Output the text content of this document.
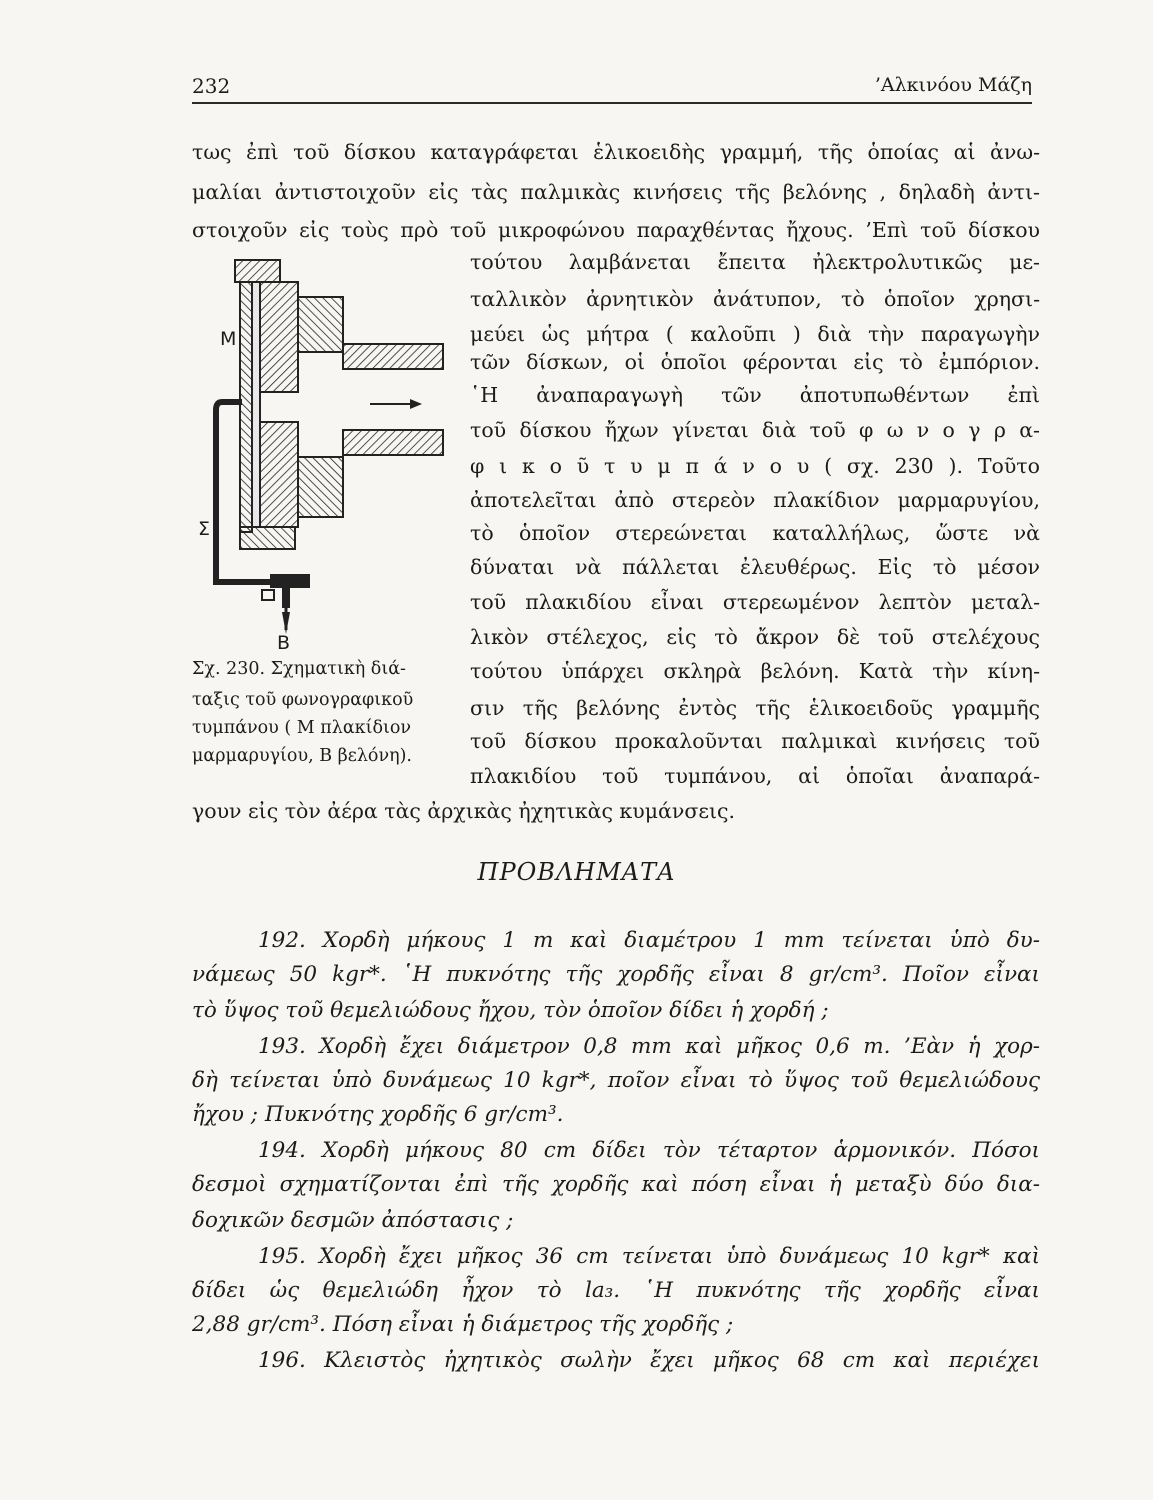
232	’Αλκινόου Μάζη
τως ἐπὶ τοῦ δίσκου καταγράφεται ἑλικοειδὴς γραμμή, τῆς ὁποίας αἱ ἀνω-
μαλίαι ἀντιστοιχοῦν εἰς τὰς παλμικὰς κινήσεις τῆς βελόνης , δηλαδὴ ἀντι-
στοιχοῦν εἰς τοὺς πρὸ τοῦ μικροφώνου παραχθέντας ἤχους. ’Επὶ τοῦ δίσκου
τούτου λαμβάνεται ἔπειτα ἠλεκτρολυτικῶς με-
ταλλικὸν ἀρνητικὸν ἀνάτυπον, τὸ ὁποῖον χρησι-
μεύει ὡς μήτρα ( καλοῦπι ) διὰ τὴν παραγωγὴν
τῶν δίσκων, οἱ ὁποῖοι φέρονται εἰς τὸ ἐμπόριον.
῾Η ἀναπαραγωγὴ τῶν ἀποτυπωθέντων ἐπὶ
τοῦ δίσκου ἤχων γίνεται διὰ τοῦ φ ω ν ο γ ρ α-
φ ι κ ο ῦ τ υ μ π ά ν ο υ ( σχ. 230 ). Τοῦτο
ἀποτελεῖται ἀπὸ στερεὸν πλακίδιον μαρμαρυγίου,
τὸ ὁποῖον στερεώνεται καταλλήλως, ὥστε νὰ
δύναται νὰ πάλλεται ἐλευθέρως. Εἰς τὸ μέσον
τοῦ πλακιδίου εἶναι στερεωμένον λεπτὸν μεταλ-
λικὸν στέλεχος, εἰς τὸ ἄκρον δὲ τοῦ στελέχους
τούτου ὑπάρχει σκληρὰ βελόνη. Κατὰ τὴν κίνη-
σιν τῆς βελόνης ἐντὸς τῆς ἑλικοειδοῦς γραμμῆς
τοῦ δίσκου προκαλοῦνται παλμικαὶ κινήσεις τοῦ
πλακιδίου τοῦ τυμπάνου, αἱ ὁποῖαι ἀναπαρά-
γουν εἰς τὸν ἀέρα τὰς ἀρχικὰς ἠχητικὰς κυμάνσεις.
M
Σ
B
Σχ. 230. Σχηματικὴ διά-
ταξις τοῦ φωνογραφικοῦ
τυμπάνου ( Μ πλακίδιον
μαρμαρυγίου, Β βελόνη).
ΠΡΟΒΛΗΜΑΤΑ
192. Χορδὴ μήκους 1 m καὶ διαμέτρου 1 mm τείνεται ὑπὸ δυ-
νάμεως 50 kgr*. ῾Η πυκνότης τῆς χορδῆς εἶναι 8 gr/cm³. Ποῖον εἶναι
τὸ ὕψος τοῦ θεμελιώδους ἤχου, τὸν ὁποῖον δίδει ἡ χορδή ;
193. Χορδὴ ἔχει διάμετρον 0,8 mm καὶ μῆκος 0,6 m. ’Εὰν ἡ χορ-
δὴ τείνεται ὑπὸ δυνάμεως 10 kgr*, ποῖον εἶναι τὸ ὕψος τοῦ θεμελιώδους
ἤχου ; Πυκνότης χορδῆς 6 gr/cm³.
194. Χορδὴ μήκους 80 cm δίδει τὸν τέταρτον ἁρμονικόν. Πόσοι
δεσμοὶ σχηματίζονται ἐπὶ τῆς χορδῆς καὶ πόση εἶναι ἡ μεταξὺ δύο δια-
δοχικῶν δεσμῶν ἀπόστασις ;
195. Χορδὴ ἔχει μῆκος 36 cm τείνεται ὑπὸ δυνάμεως 10 kgr* καὶ
δίδει ὡς θεμελιώδη ἦχον τὸ la₃. ῾Η πυκνότης τῆς χορδῆς εἶναι
2,88 gr/cm³. Πόση εἶναι ἡ διάμετρος τῆς χορδῆς ;
196. Κλειστὸς ἠχητικὸς σωλὴν ἔχει μῆκος 68 cm καὶ περιέχει
